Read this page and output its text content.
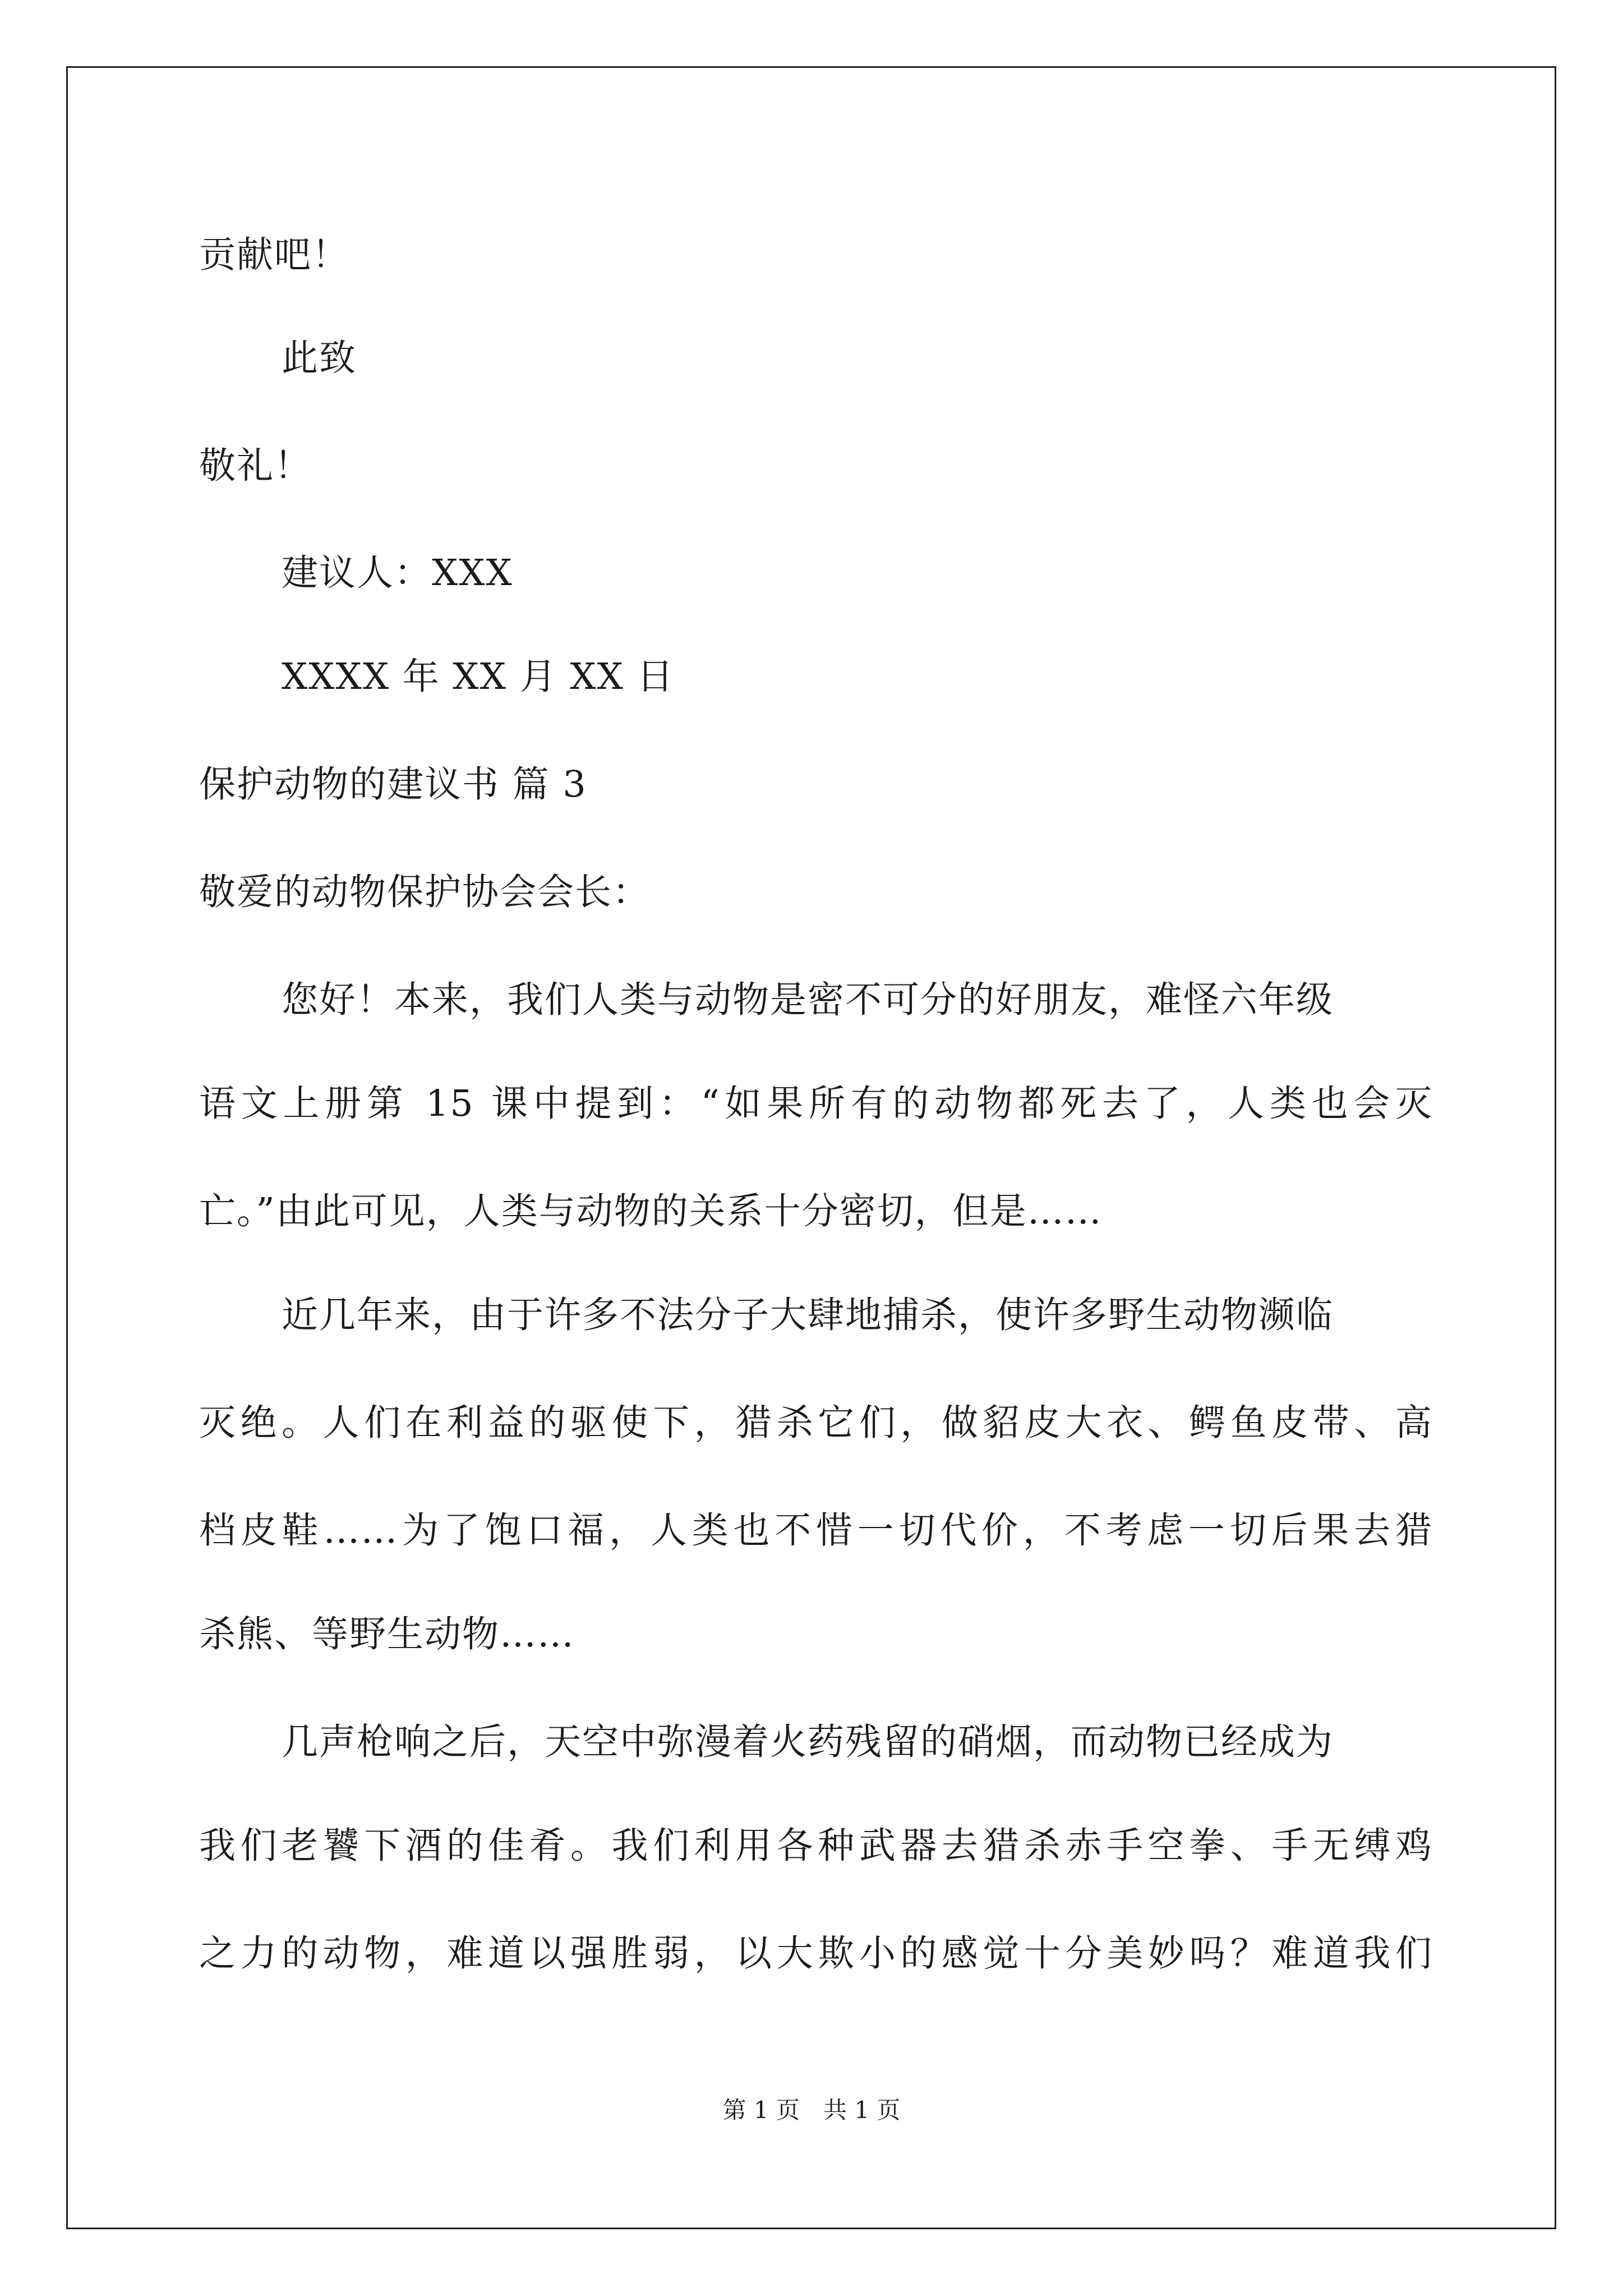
贡献吧！
此致
敬礼！
建议人：XXX
XXXX 年 XX 月 XX 日
保护动物的建议书 篇 3
敬爱的动物保护协会会长：
您好！本来，我们人类与动物是密不可分的好朋友，难怪六年级
语文上册第 15 课中提到：“如果所有的动物都死去了，人类也会灭
亡。”由此可见，人类与动物的关系十分密切，但是……
近几年来，由于许多不法分子大肆地捕杀，使许多野生动物濒临
灭绝。人们在利益的驱使下，猎杀它们，做貂皮大衣、鳄鱼皮带、高
档皮鞋……为了饱口福，人类也不惜一切代价，不考虑一切后果去猎
杀熊、等野生动物……
几声枪响之后，天空中弥漫着火药残留的硝烟，而动物已经成为
我们老饕下酒的佳肴。我们利用各种武器去猎杀赤手空拳、手无缚鸡
之力的动物，难道以强胜弱，以大欺小的感觉十分美妙吗？难道我们
第 1 页　共 1 页
